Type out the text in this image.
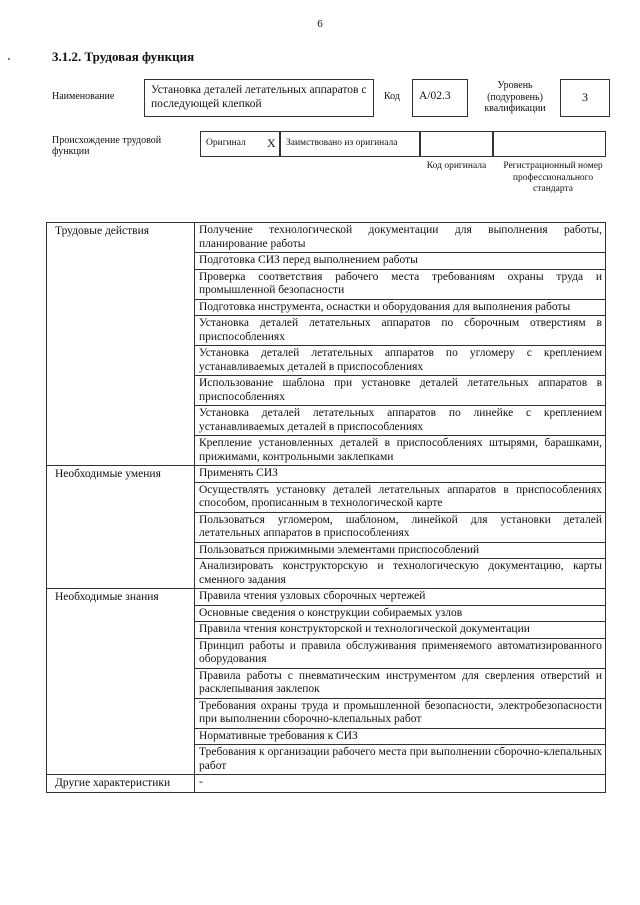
6
3.1.2. Трудовая функция
Наименование
Установка деталей летательных аппаратов с последующей клепкой
Код	А/02.3
Уровень (подуровень) квалификации
3
Происхождение трудовой функции
Оригинал Х	Заимствовано из оригинала
Код оригинала	Регистрационный номер профессионального стандарта
Трудовые действия	Получение технологической документации для выполнения работы, планирование работы
	Подготовка СИЗ перед выполнением работы
	Проверка соответствия рабочего места требованиям охраны труда и промышленной безопасности
	Подготовка инструмента, оснастки и оборудования для выполнения работы
	Установка деталей летательных аппаратов по сборочным отверстиям в приспособлениях
	Установка деталей летательных аппаратов по угломеру с креплением устанавливаемых деталей в приспособлениях
	Использование шаблона при установке деталей летательных аппаратов в приспособлениях
	Установка деталей летательных аппаратов по линейке с креплением устанавливаемых деталей в приспособлениях
	Крепление установленных деталей в приспособлениях штырями, барашками, прижимами, контрольными заклепками
Необходимые умения	Применять СИЗ
	Осуществлять установку деталей летательных аппаратов в приспособлениях способом, прописанным в технологической карте
	Пользоваться угломером, шаблоном, линейкой для установки деталей летательных аппаратов в приспособлениях
	Пользоваться прижимными элементами приспособлений
	Анализировать конструкторскую и технологическую документацию, карты сменного задания
Необходимые знания	Правила чтения узловых сборочных чертежей
	Основные сведения о конструкции собираемых узлов
	Правила чтения конструкторской и технологической документации
	Принцип работы и правила обслуживания применяемого автоматизированного оборудования
	Правила работы с пневматическим инструментом для сверления отверстий и расклепывания заклепок
	Требования охраны труда и промышленной безопасности, электробезопасности при выполнении сборочно-клепальных работ
	Нормативные требования к СИЗ
	Требования к организации рабочего места при выполнении сборочно-клепальных работ
Другие характеристики	-
